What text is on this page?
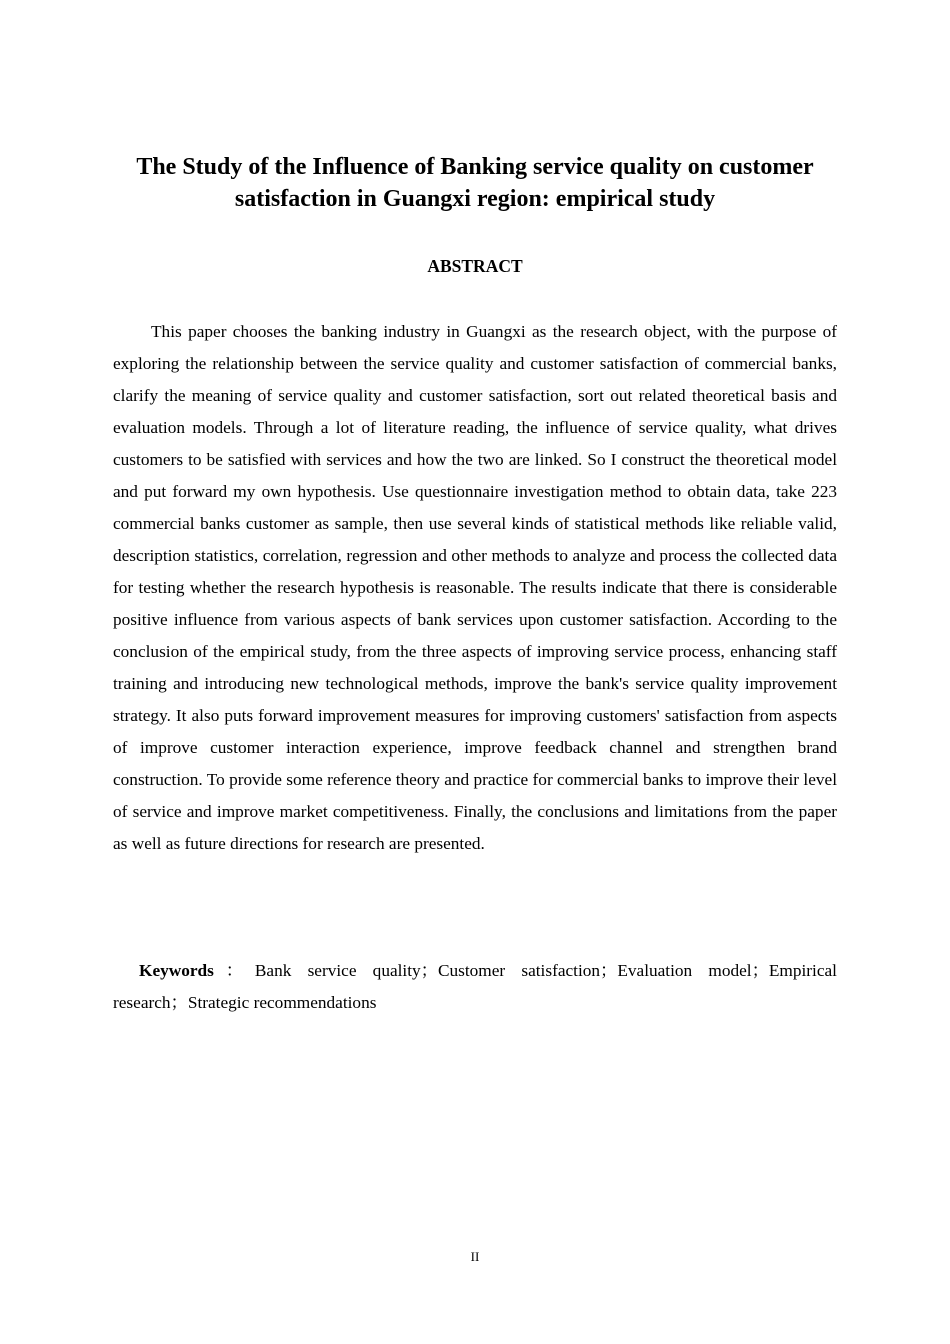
The Study of the Influence of Banking service quality on customer satisfaction in Guangxi region: empirical study
ABSTRACT

This paper chooses the banking industry in Guangxi as the research object, with the purpose of exploring the relationship between the service quality and customer satisfaction of commercial banks, clarify the meaning of service quality and customer satisfaction, sort out related theoretical basis and evaluation models. Through a lot of literature reading, the influence of service quality, what drives customers to be satisfied with services and how the two are linked. So I construct the theoretical model and put forward my own hypothesis. Use questionnaire investigation method to obtain data, take 223 commercial banks customer as sample, then use several kinds of statistical methods like reliable valid, description statistics, correlation, regression and other methods to analyze and process the collected data for testing whether the research hypothesis is reasonable. The results indicate that there is considerable positive influence from various aspects of bank services upon customer satisfaction. According to the conclusion of the empirical study, from the three aspects of improving service process, enhancing staff training and introducing new technological methods, improve the bank's service quality improvement strategy. It also puts forward improvement measures for improving customers' satisfaction from aspects of improve customer interaction experience, improve feedback channel and strengthen brand construction. To provide some reference theory and practice for commercial banks to improve their level of service and improve market competitiveness. Finally, the conclusions and limitations from the paper as well as future directions for research are presented.

Keywords：Bank service quality；Customer satisfaction；Evaluation model；Empirical research；Strategic recommendations

II
